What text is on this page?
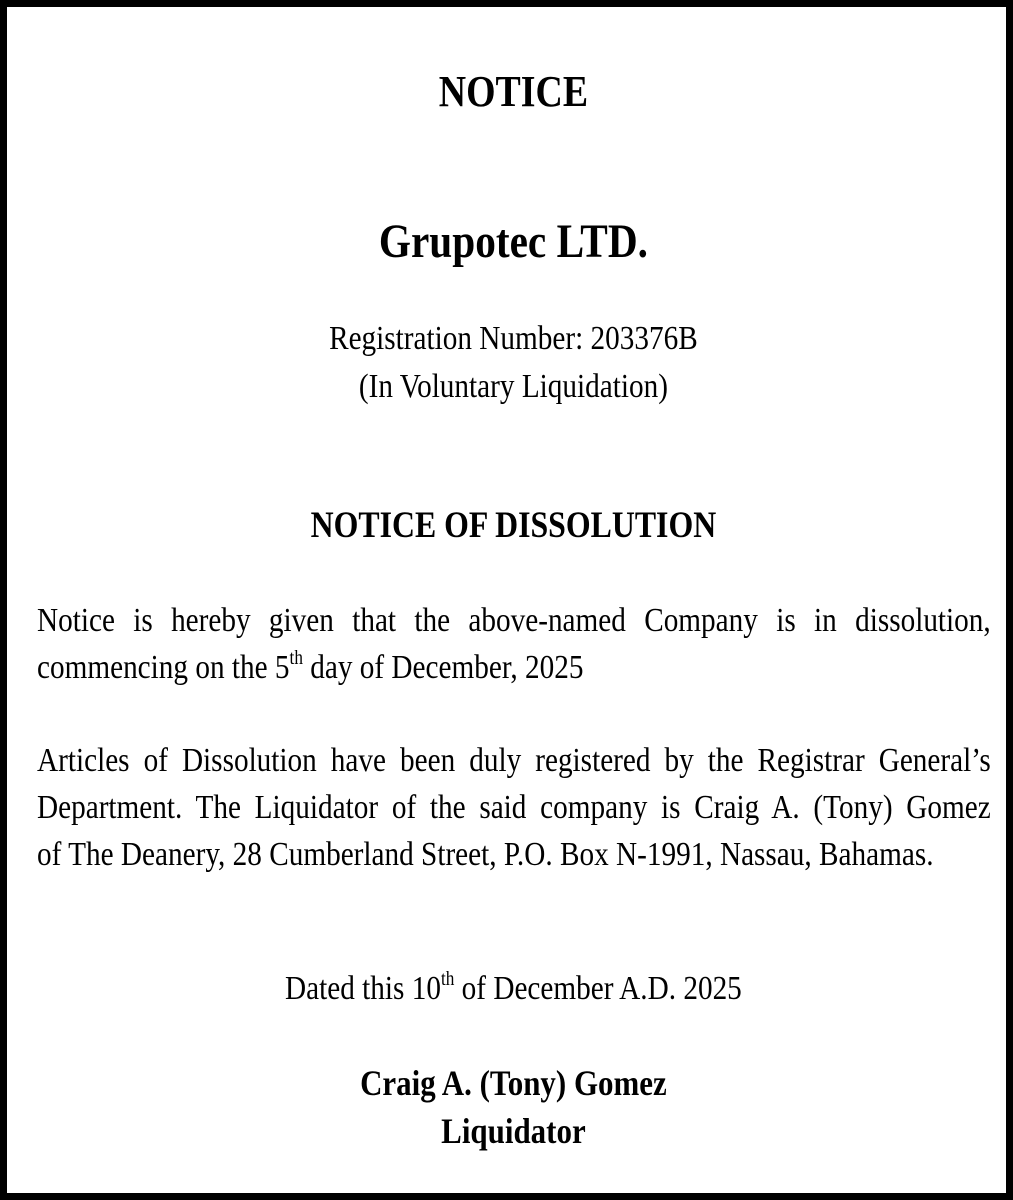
NOTICE
Grupotec LTD.
Registration Number: 203376B
(In Voluntary Liquidation)
NOTICE OF DISSOLUTION
Notice is hereby given that the above-named Company is in dissolution,
commencing on the 5th day of December, 2025
Articles of Dissolution have been duly registered by the Registrar General’s
Department. The Liquidator of the said company is Craig A. (Tony) Gomez
of The Deanery, 28 Cumberland Street, P.O. Box N-1991, Nassau, Bahamas.
Dated this 10th of December A.D. 2025
Craig A. (Tony) Gomez
Liquidator
